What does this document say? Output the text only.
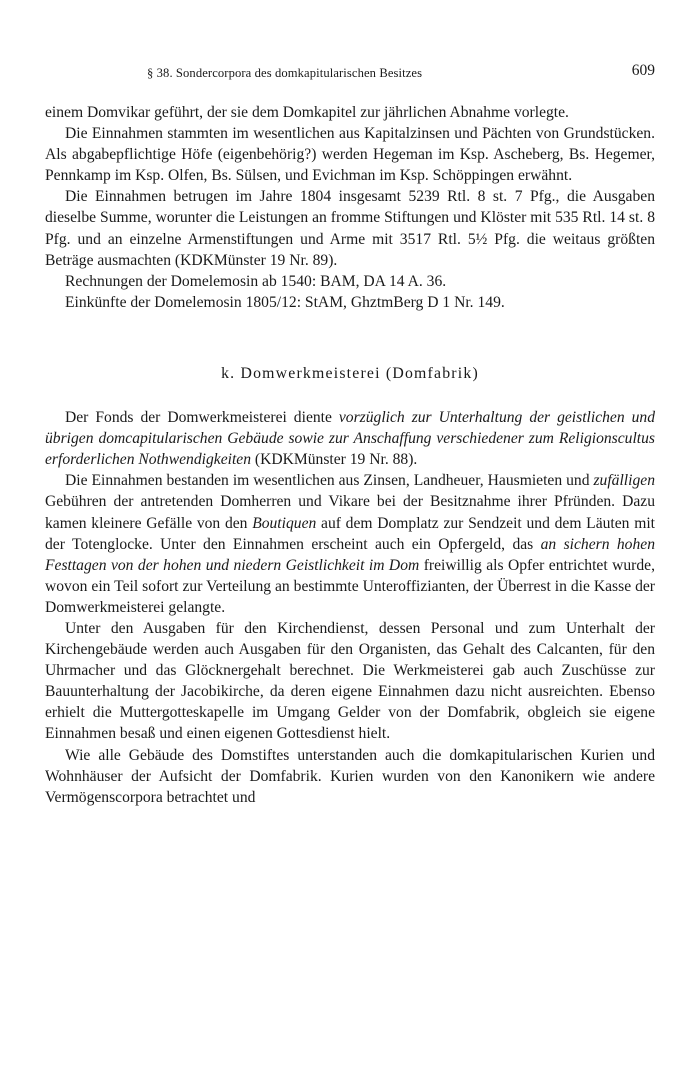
§ 38. Sondercorpora des domkapitularischen Besitzes	609

einem Domvikar geführt, der sie dem Domkapitel zur jährlichen Abnahme vorlegte.

Die Einnahmen stammten im wesentlichen aus Kapitalzinsen und Pächten von Grundstücken. Als abgabepflichtige Höfe (eigenbehörig?) werden Hegeman im Ksp. Ascheberg, Bs. Hegemer, Pennkamp im Ksp. Olfen, Bs. Sülsen, und Evichman im Ksp. Schöppingen erwähnt.

Die Einnahmen betrugen im Jahre 1804 insgesamt 5239 Rtl. 8 st. 7 Pfg., die Ausgaben dieselbe Summe, worunter die Leistungen an fromme Stiftungen und Klöster mit 535 Rtl. 14 st. 8 Pfg. und an einzelne Armenstiftungen und Arme mit 3517 Rtl. 5½ Pfg. die weitaus größten Beträge ausmachten (KDKMünster 19 Nr. 89).

Rechnungen der Domelemosin ab 1540: BAM, DA 14 A. 36.

Einkünfte der Domelemosin 1805/12: StAM, GhztmBerg D 1 Nr. 149.

k. Domwerkmeisterei (Domfabrik)

Der Fonds der Domwerkmeisterei diente vorzüglich zur Unterhaltung der geistlichen und übrigen domcapitularischen Gebäude sowie zur Anschaffung verschiedener zum Religionscultus erforderlichen Nothwendigkeiten (KDKMünster 19 Nr. 88).

Die Einnahmen bestanden im wesentlichen aus Zinsen, Landheuer, Hausmieten und zufälligen Gebühren der antretenden Domherren und Vikare bei der Besitznahme ihrer Pfründen. Dazu kamen kleinere Gefälle von den Boutiquen auf dem Domplatz zur Sendzeit und dem Läuten mit der Totenglocke. Unter den Einnahmen erscheint auch ein Opfergeld, das an sichern hohen Festtagen von der hohen und niedern Geistlichkeit im Dom freiwillig als Opfer entrichtet wurde, wovon ein Teil sofort zur Verteilung an bestimmte Unteroffizianten, der Überrest in die Kasse der Domwerkmeisterei gelangte.

Unter den Ausgaben für den Kirchendienst, dessen Personal und zum Unterhalt der Kirchengebäude werden auch Ausgaben für den Organisten, das Gehalt des Calcanten, für den Uhrmacher und das Glöcknergehalt berechnet. Die Werkmeisterei gab auch Zuschüsse zur Bauunterhaltung der Jacobikirche, da deren eigene Einnahmen dazu nicht ausreichten. Ebenso erhielt die Muttergotteskapelle im Umgang Gelder von der Domfabrik, obgleich sie eigene Einnahmen besaß und einen eigenen Gottesdienst hielt.

Wie alle Gebäude des Domstiftes unterstanden auch die domkapitularischen Kurien und Wohnhäuser der Aufsicht der Domfabrik. Kurien wurden von den Kanonikern wie andere Vermögenscorpora betrachtet und
